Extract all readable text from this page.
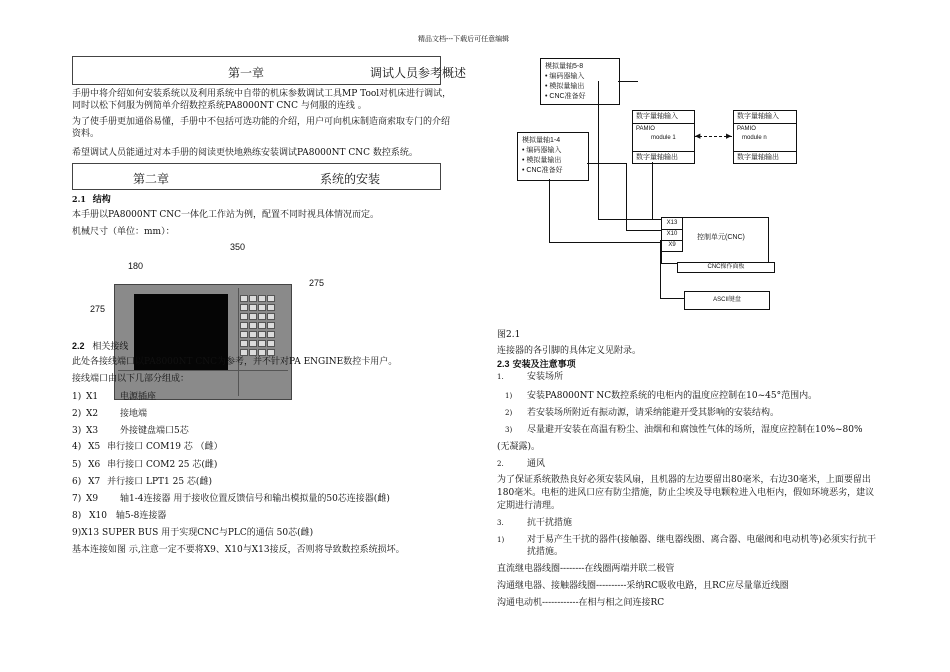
精品文档---下载后可任意编辑
第一章	调试人员参考概述
手册中将介绍如何安装系统以及利用系统中自带的机床参数调试工具MP Tool对机床进行调试，
同时以松下伺服为例简单介绍数控系统PA8000NT CNC 与伺服的连线 。
为了使手册更加通俗易懂，手册中不包括可选功能的介绍，用户可向机床制造商索取专门的介绍
资料。
希望调试人员能通过对本手册的阅读更快地熟练安装调试PA8000NT CNC 数控系统。
第二章	系统的安装
2.1 结构
本手册以PA8000NT CNC一体化工作站为例，配置不同时视具体情况而定。
机械尺寸（单位：mm）：
350
180
275
275
2.2 相关接线
此处各接线端口以PA8000NT CNC为参考，并不针对PA ENGINE数控卡用户。
接线端口由以下几部分组成：
1) X1 电源插座
2) X2 接地端
3) X3 外接键盘端口5芯
4) X5 串行接口 COM19 芯 （雌）
5) X6 串行接口 COM2 25 芯(雌)
6) X7 并行接口 LPT1 25 芯(雌)
7) X9 轴1-4连接器 用于接收位置反馈信号和输出模拟量的50芯连接器(雌)
8) X10 轴5-8连接器
9)X13 SUPER BUS 用于实现CNC与PLC的通信 50芯(雌)
基本连接如图 示,注意一定不要将X9、X10与X13接反，否则将导致数控系统损坏。
模拟量轴5-8
• 编码器输入
• 模拟量输出
• CNC准备好
模拟量轴1-4
• 编码器输入
• 模拟量输出
• CNC准备好
数字量轴输入
PAMIO
module 1
数字量轴输出
数字量轴输入
PAMIO
module n
数字量轴输出
▶
◀
X13
X10
X9
控制单元(CNC)
CNC操作面板
ASCII键盘
图2.1
连接器的各引脚的具体定义见附录。
2.3 安装及注意事项
1.	安装场所
1) 安装PA8000NT NC数控系统的电柜内的温度应控制在10~45°范围内。
2) 若安装场所附近有振动源，请采纳能避开受其影响的安装结构。
3) 尽量避开安装在高温有粉尘、油烟和和腐蚀性气体的场所，湿度应控制在10%~80%
(无凝露)。
2.	通风
为了保证系统散热良好必须安装风扇，且机器的左边要留出80毫米，右边30毫米，上面要留出
180毫米。电柜的进风口应有防尘措施，防止尘埃及导电颗粒进入电柜内，假如环境恶劣，建议
定期进行清理。
3.	抗干扰措施
1)	对于易产生干扰的器件(接触器、继电器线圈、离合器、电磁阀和电动机等)必须实行抗干
扰措施。
直流继电器线圈--------在线圈两端并联二极管
沟通继电器、接触器线圈----------采纳RC吸收电路，且RC应尽量靠近线圈
沟通电动机------------在相与相之间连接RC
